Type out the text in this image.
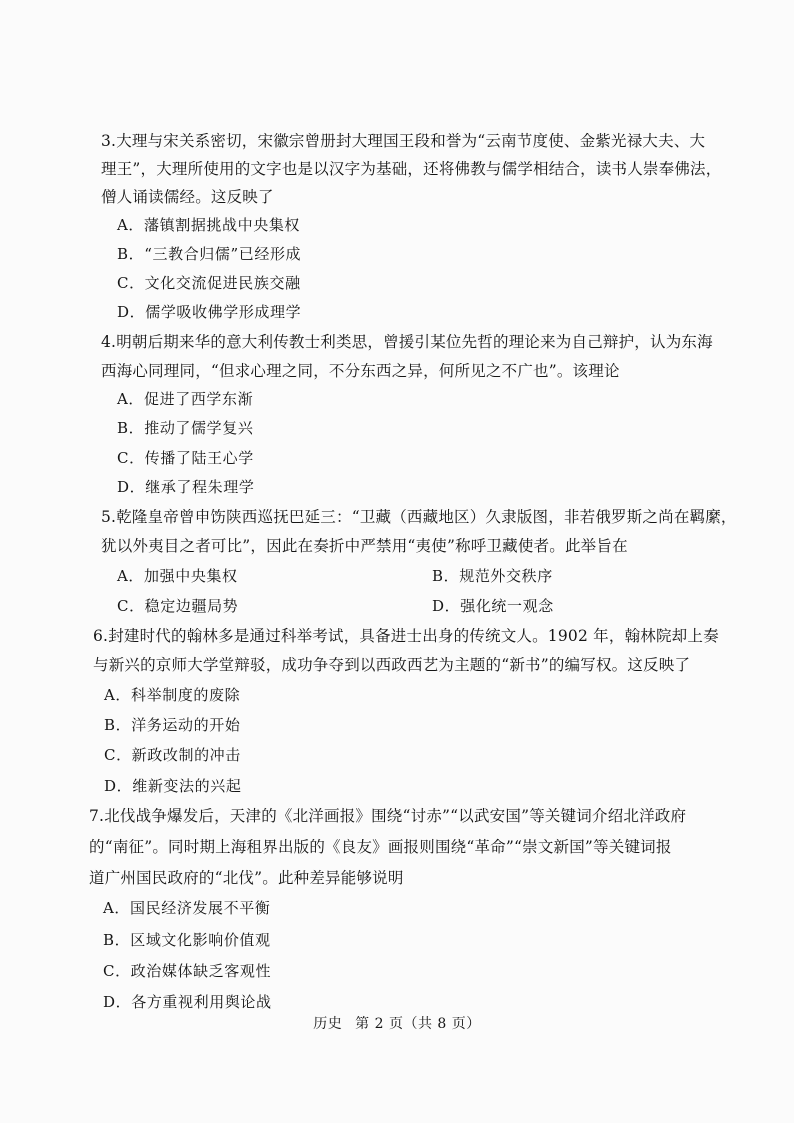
3.大理与宋关系密切，宋徽宗曾册封大理国王段和誉为“云南节度使、金紫光禄大夫、大
理王”，大理所使用的文字也是以汉字为基础，还将佛教与儒学相结合，读书人崇奉佛法，
僧人诵读儒经。这反映了
A．藩镇割据挑战中央集权
B．“三教合归儒”已经形成
C．文化交流促进民族交融
D．儒学吸收佛学形成理学
4.明朝后期来华的意大利传教士利类思，曾援引某位先哲的理论来为自己辩护，认为东海
西海心同理同，“但求心理之同，不分东西之异，何所见之不广也”。该理论
A．促进了西学东渐
B．推动了儒学复兴
C．传播了陆王心学
D．继承了程朱理学
5.乾隆皇帝曾申饬陕西巡抚巴延三：“卫藏（西藏地区）久隶版图，非若俄罗斯之尚在羁縻，
犹以外夷目之者可比”，因此在奏折中严禁用“夷使”称呼卫藏使者。此举旨在
A．加强中央集权	B．规范外交秩序
C．稳定边疆局势	D．强化统一观念
6.封建时代的翰林多是通过科举考试，具备进士出身的传统文人。1902 年，翰林院却上奏
与新兴的京师大学堂辩驳，成功争夺到以西政西艺为主题的“新书”的编写权。这反映了
A．科举制度的废除
B．洋务运动的开始
C．新政改制的冲击
D．维新变法的兴起
7.北伐战争爆发后，天津的《北洋画报》围绕“讨赤”“以武安国”等关键词介绍北洋政府
的“南征”。同时期上海租界出版的《良友》画报则围绕“革命”“崇文新国”等关键词报
道广州国民政府的“北伐”。此种差异能够说明
A．国民经济发展不平衡
B．区域文化影响价值观
C．政治媒体缺乏客观性
D．各方重视利用舆论战
历史 第 2 页（共 8 页）
